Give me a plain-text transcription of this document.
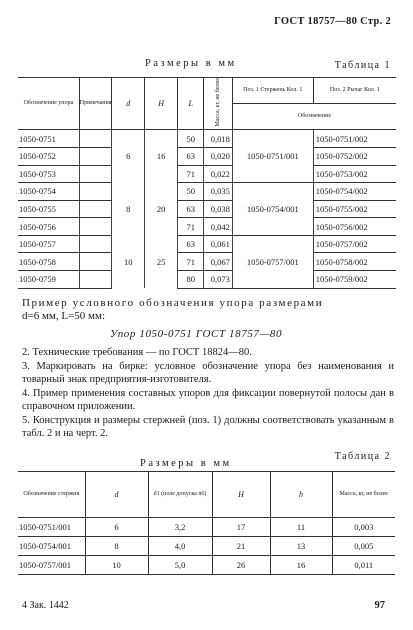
ГОСТ 18757—80 Стр. 2
Таблица 1
Размеры в мм
Обозначение упора	Примечания	d	H	L	Масса, кг, не более	Поз. 1 Стержень Кол. 1	Поз. 2 Рычаг Кол. 1
						Обозначение	
1050-0751		6	16	50	0,018	1050-0751/001	1050-0751/002
1050-0752				63	0,020		1050-0752/002
1050-0753				71	0,022		1050-0753/002
1050-0754		8	20	50	0,035	1050-0754/001	1050-0754/002
1050-0755				63	0,038		1050-0755/002
1050-0756				71	0,042		1050-0756/002
1050-0757		10	25	63	0,061	1050-0757/001	1050-0757/002
1050-0758				71	0,067		1050-0758/002
1050-0759				80	0,073		1050-0759/002
Пример условного обозначения упора размерами
d=6 мм, L=50 мм:
Упор 1050-0751 ГОСТ 18757—80
2. Технические требования — по ГОСТ 18824—80.
3. Маркировать на бирке: условное обозначение упора без наименования и товарный знак предприятия-изготовителя.
4. Пример применения составных упоров для фиксации повернутой полосы дан в справочном приложении.
5. Конструкция и размеры стержней (поз. 1) должны соответствовать указанным в табл. 2 и на черт. 2.
Таблица 2
Размеры в мм
Обозначение стержня	d	d1 (поле допуска n6)	H	h	Масса, кг, не более
1050-0751/001	6	3,2	17	11	0,003
1050-0754/001	8	4,0	21	13	0,005
1050-0757/001	10	5,0	26	16	0,011
4 Зак. 1442	97
